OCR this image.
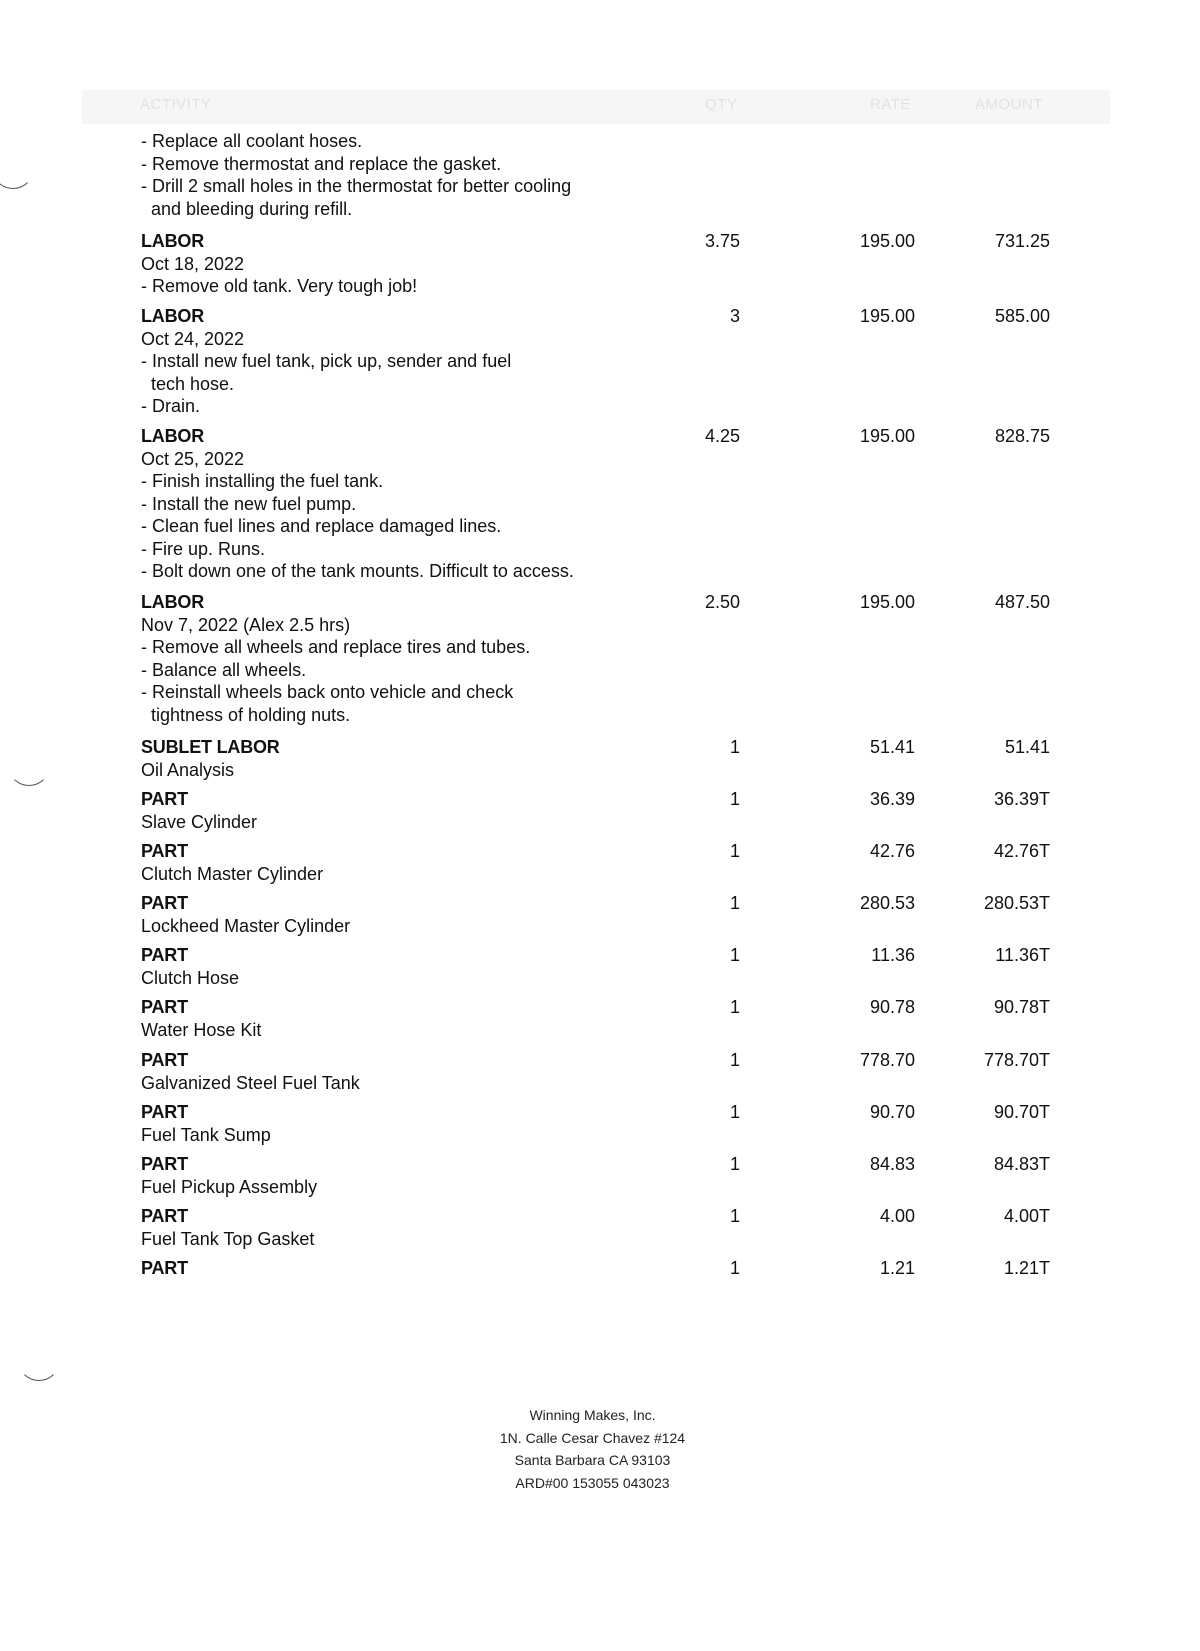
ACTIVITY	QTY	RATE	AMOUNT
- Replace all coolant hoses.
- Remove thermostat and replace the gasket.
- Drill 2 small holes in the thermostat for better cooling
and bleeding during refill.
LABOR
Oct 18, 2022
- Remove old tank. Very tough job!
3.75	195.00	731.25
LABOR
Oct 24, 2022
- Install new fuel tank, pick up, sender and fuel
tech hose.
- Drain.
3	195.00	585.00
LABOR
Oct 25, 2022
- Finish installing the fuel tank.
- Install the new fuel pump.
- Clean fuel lines and replace damaged lines.
- Fire up. Runs.
- Bolt down one of the tank mounts. Difficult to access.
4.25	195.00	828.75
LABOR
Nov 7, 2022 (Alex 2.5 hrs)
- Remove all wheels and replace tires and tubes.
- Balance all wheels.
- Reinstall wheels back onto vehicle and check
tightness of holding nuts.
2.50	195.00	487.50
SUBLET LABOR
Oil Analysis
1	51.41	51.41
PART
Slave Cylinder
1	36.39	36.39T
PART
Clutch Master Cylinder
1	42.76	42.76T
PART
Lockheed Master Cylinder
1	280.53	280.53T
PART
Clutch Hose
1	11.36	11.36T
PART
Water Hose Kit
1	90.78	90.78T
PART
Galvanized Steel Fuel Tank
1	778.70	778.70T
PART
Fuel Tank Sump
1	90.70	90.70T
PART
Fuel Pickup Assembly
1	84.83	84.83T
PART
Fuel Tank Top Gasket
1	4.00	4.00T
PART	1	1.21	1.21T
Winning Makes, Inc.
1N. Calle Cesar Chavez #124
Santa Barbara CA 93103
ARD#00 153055 043023
